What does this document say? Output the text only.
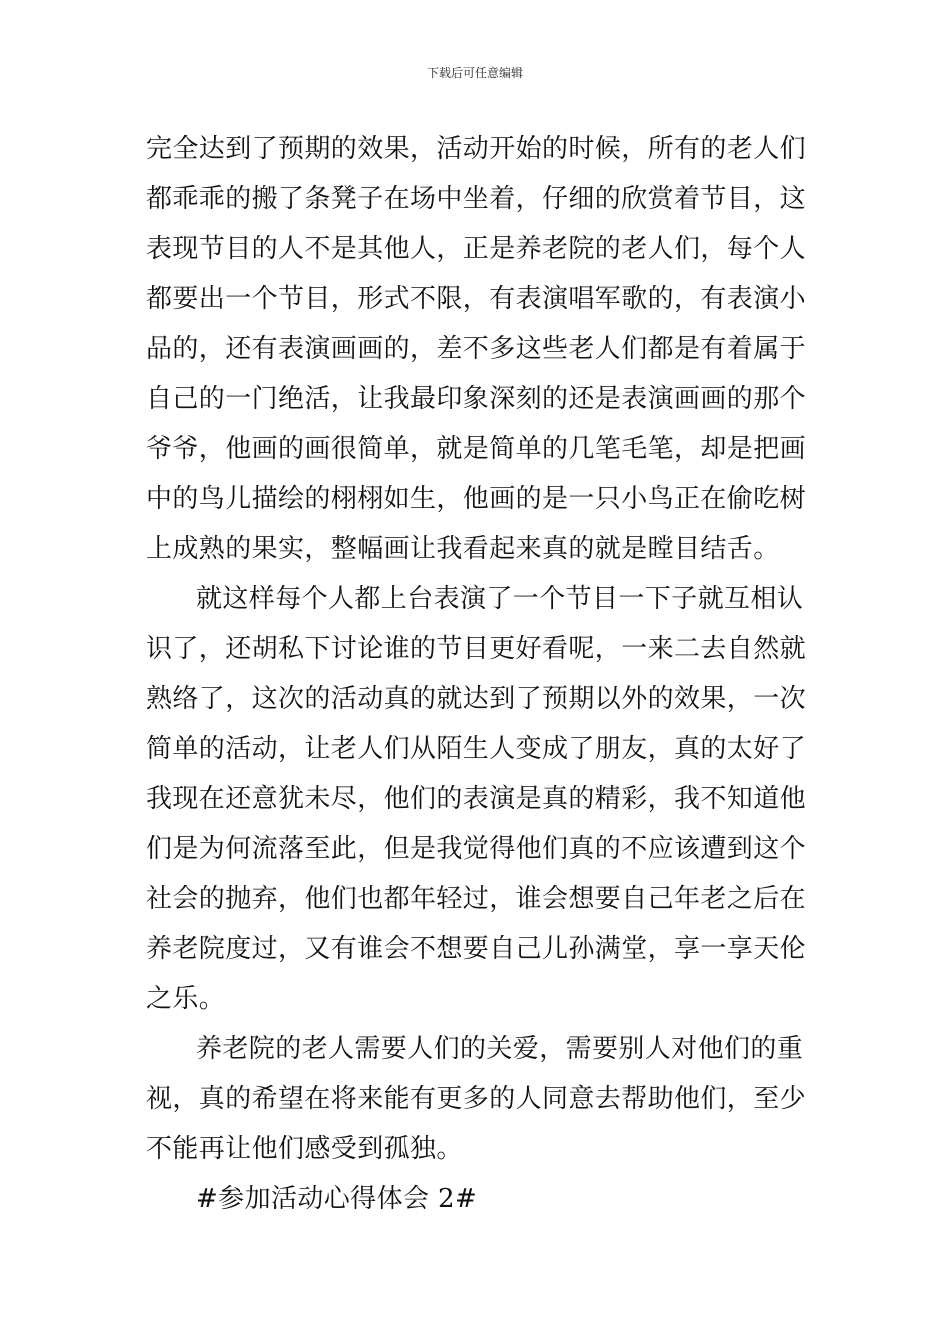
下载后可任意编辑
完全达到了预期的效果，活动开始的时候，所有的老人们
都乖乖的搬了条凳子在场中坐着，仔细的欣赏着节目，这
表现节目的人不是其他人，正是养老院的老人们，每个人
都要出一个节目，形式不限，有表演唱军歌的，有表演小
品的，还有表演画画的，差不多这些老人们都是有着属于
自己的一门绝活，让我最印象深刻的还是表演画画的那个
爷爷，他画的画很简单，就是简单的几笔毛笔，却是把画
中的鸟儿描绘的栩栩如生，他画的是一只小鸟正在偷吃树
上成熟的果实，整幅画让我看起来真的就是瞠目结舌。
就这样每个人都上台表演了一个节目一下子就互相认
识了，还胡私下讨论谁的节目更好看呢，一来二去自然就
熟络了，这次的活动真的就达到了预期以外的效果，一次
简单的活动，让老人们从陌生人变成了朋友，真的太好了
我现在还意犹未尽，他们的表演是真的精彩，我不知道他
们是为何流落至此，但是我觉得他们真的不应该遭到这个
社会的抛弃，他们也都年轻过，谁会想要自己年老之后在
养老院度过，又有谁会不想要自己儿孙满堂，享一享天伦
之乐。
养老院的老人需要人们的关爱，需要别人对他们的重
视，真的希望在将来能有更多的人同意去帮助他们，至少
不能再让他们感受到孤独。
#参加活动心得体会 2#
